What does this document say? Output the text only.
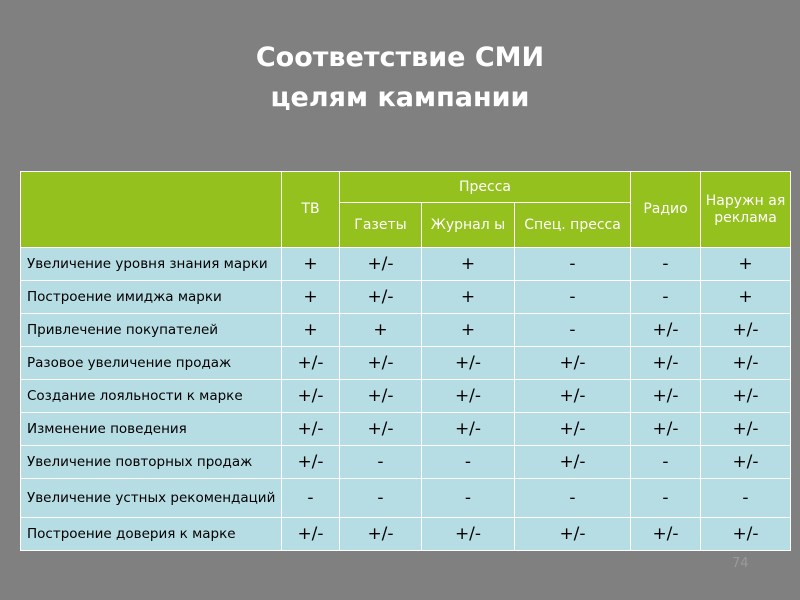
Соответствие СМИ
целям кампании
	ТВ	Пресса			Радио	Наружн ая реклама
		Газеты	Журнал ы	Спец. пресса		
Увеличение уровня знания марки	+	+/-	+	-	-	+
Построение имиджа марки	+	+/-	+	-	-	+
Привлечение покупателей	+	+	+	-	+/-	+/-
Разовое увеличение продаж	+/-	+/-	+/-	+/-	+/-	+/-
Создание лояльности к марке	+/-	+/-	+/-	+/-	+/-	+/-
Изменение поведения	+/-	+/-	+/-	+/-	+/-	+/-
Увеличение повторных продаж	+/-	-	-	+/-	-	+/-
Увеличение устных рекомендаций	-	-	-	-	-	-
Построение доверия к марке	+/-	+/-	+/-	+/-	+/-	+/-
74
